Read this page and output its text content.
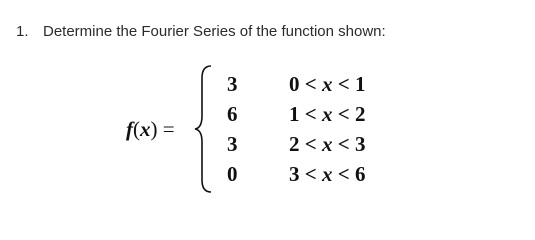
1. Determine the Fourier Series of the function shown:
f(x) =
3
6
3
0
0 < x < 1
1 < x < 2
2 < x < 3
3 < x < 6
